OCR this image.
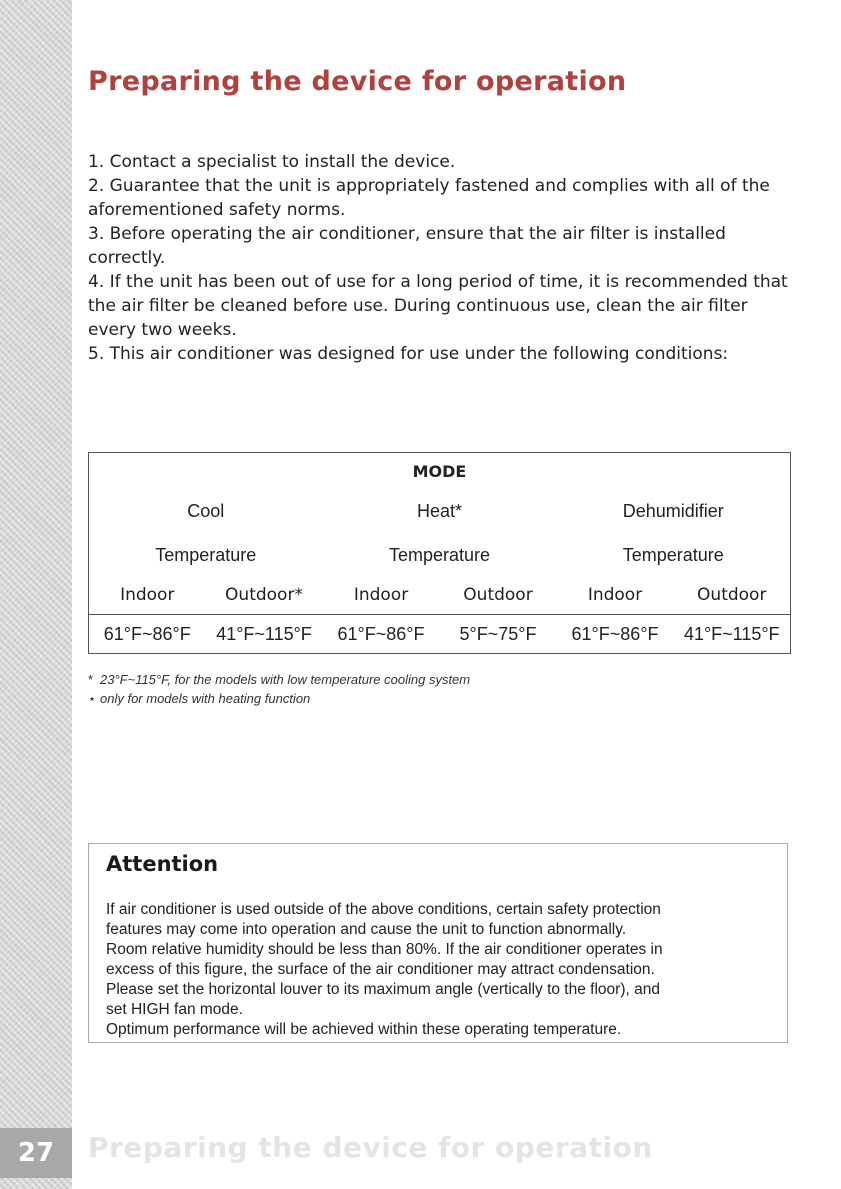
Preparing the device for operation
1. Contact a specialist to install the device.
2. Guarantee that the unit is appropriately fastened and complies with all of the aforementioned safety norms.
3. Before operating the air conditioner, ensure that the air filter is installed correctly.
4. If the unit has been out of use for a long period of time, it is recommended that the air filter be cleaned before use. During continuous use, clean the air filter every two weeks.
5. This air conditioner was designed for use under the following conditions:
MODE					
Cool		Heat*		Dehumidifier	
Temperature		Temperature		Temperature	
Indoor	Outdoor*	Indoor	Outdoor	Indoor	Outdoor
61°F~86°F	41°F~115°F	61°F~86°F	5°F~75°F	61°F~86°F	41°F~115°F
* 23°F~115°F, for the models with low temperature cooling system
⋆ only for models with heating function
Attention
If air conditioner is used outside of the above conditions, certain safety protection
features may come into operation and cause the unit to function abnormally.
Room relative humidity should be less than 80%. If the air conditioner operates in
excess of this figure, the surface of the air conditioner may attract condensation.
Please set the horizontal louver to its maximum angle (vertically to the floor), and
set HIGH fan mode.
Optimum performance will be achieved within these operating temperature.
27	Preparing the device for operation
